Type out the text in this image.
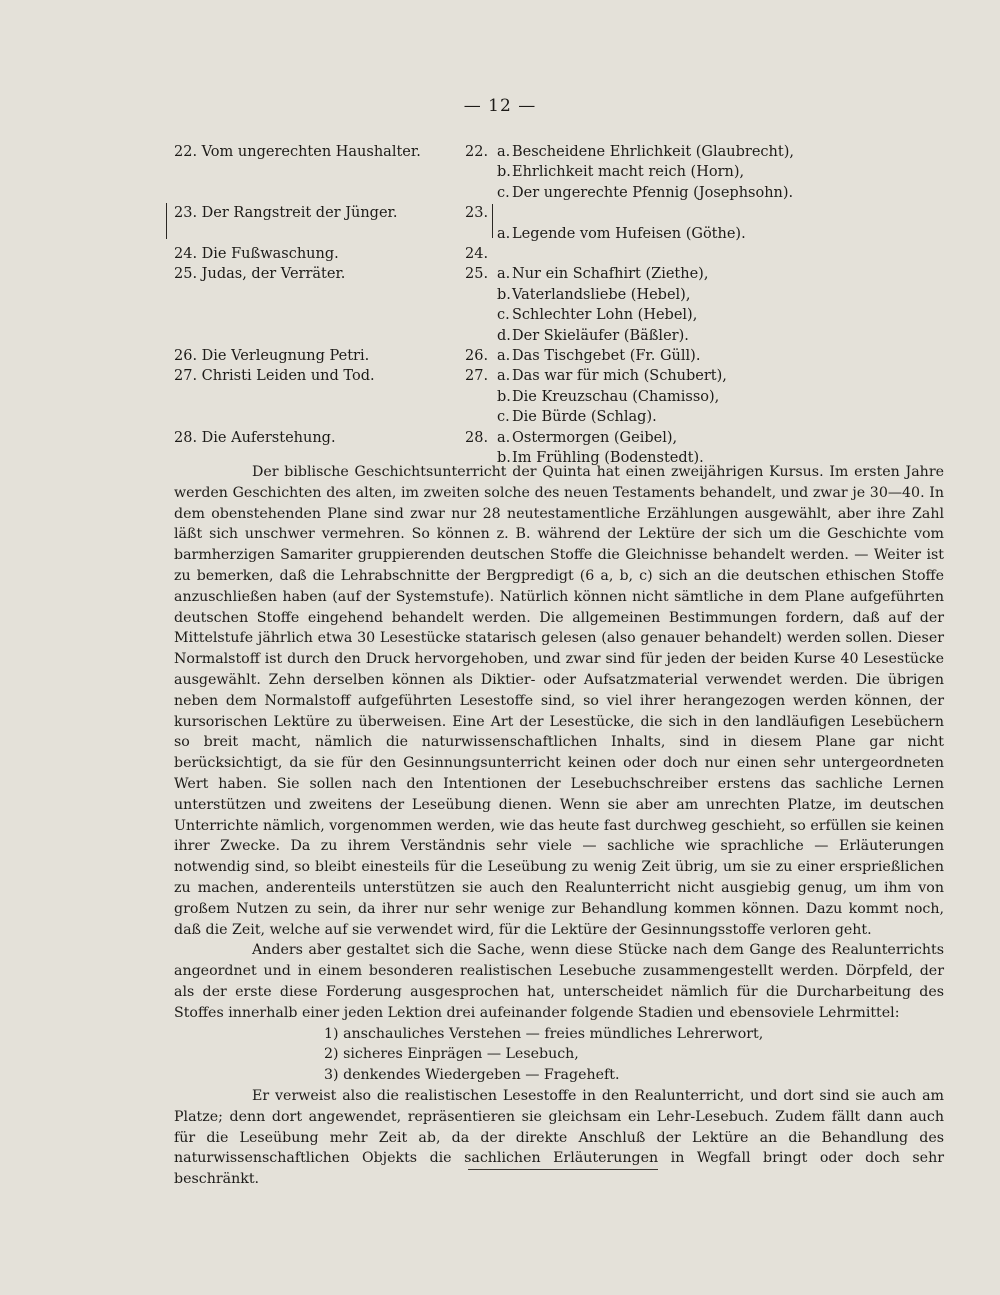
— 12 —
22. Vom ungerechten Haushalter.	22. a. Bescheidene Ehrlichkeit (Glaubrecht),
b. Ehrlichkeit macht reich (Horn),
c. Der ungerechte Pfennig (Josephsohn).
23. Der Rangstreit der Jünger.	23.
a. Legende vom Hufeisen (Göthe).
24. Die Fußwaschung.	24.
25. Judas, der Verräter.	25. a. Nur ein Schafhirt (Ziethe),
b. Vaterlandsliebe (Hebel),
c. Schlechter Lohn (Hebel),
d. Der Skieläufer (Bäßler).
26. Die Verleugnung Petri.	26. a. Das Tischgebet (Fr. Güll).
27. Christi Leiden und Tod.	27. a. Das war für mich (Schubert),
b. Die Kreuzschau (Chamisso),
c. Die Bürde (Schlag).
28. Die Auferstehung.	28. a. Ostermorgen (Geibel),
b. Im Frühling (Bodenstedt).

Der biblische Geschichtsunterricht der Quinta hat einen zweijährigen Kursus. Im ersten Jahre werden Geschichten des alten, im zweiten solche des neuen Testaments behandelt, und zwar je 30—40. In dem obenstehenden Plane sind zwar nur 28 neutestamentliche Erzählungen ausgewählt, aber ihre Zahl läßt sich unschwer vermehren. So können z. B. während der Lektüre der sich um die Geschichte vom barmherzigen Samariter gruppierenden deutschen Stoffe die Gleichnisse behandelt werden. — Weiter ist zu bemerken, daß die Lehrabschnitte der Bergpredigt (6 a, b, c) sich an die deutschen ethischen Stoffe anzuschließen haben (auf der Systemstufe). Natürlich können nicht sämtliche in dem Plane aufgeführten deutschen Stoffe eingehend behandelt werden. Die allgemeinen Bestimmungen fordern, daß auf der Mittelstufe jährlich etwa 30 Lesestücke statarisch gelesen (also genauer behandelt) werden sollen. Dieser Normalstoff ist durch den Druck hervorgehoben, und zwar sind für jeden der beiden Kurse 40 Lesestücke ausgewählt. Zehn derselben können als Diktier- oder Aufsatzmaterial verwendet werden. Die übrigen neben dem Normalstoff aufgeführten Lesestoffe sind, so viel ihrer herangezogen werden können, der kursorischen Lektüre zu überweisen. Eine Art der Lesestücke, die sich in den landläufigen Lesebüchern so breit macht, nämlich die naturwissenschaftlichen Inhalts, sind in diesem Plane gar nicht berücksichtigt, da sie für den Gesinnungsunterricht keinen oder doch nur einen sehr untergeordneten Wert haben. Sie sollen nach den Intentionen der Lesebuchschreiber erstens das sachliche Lernen unterstützen und zweitens der Leseübung dienen. Wenn sie aber am unrechten Platze, im deutschen Unterrichte nämlich, vorgenommen werden, wie das heute fast durchweg geschieht, so erfüllen sie keinen ihrer Zwecke. Da zu ihrem Verständnis sehr viele — sachliche wie sprachliche — Erläuterungen notwendig sind, so bleibt einesteils für die Leseübung zu wenig Zeit übrig, um sie zu einer ersprießlichen zu machen, anderenteils unterstützen sie auch den Realunterricht nicht ausgiebig genug, um ihm von großem Nutzen zu sein, da ihrer nur sehr wenige zur Behandlung kommen können. Dazu kommt noch, daß die Zeit, welche auf sie verwendet wird, für die Lektüre der Gesinnungsstoffe verloren geht.

Anders aber gestaltet sich die Sache, wenn diese Stücke nach dem Gange des Realunterrichts angeordnet und in einem besonderen realistischen Lesebuche zusammengestellt werden. Dörpfeld, der als der erste diese Forderung ausgesprochen hat, unterscheidet nämlich für die Durcharbeitung des Stoffes innerhalb einer jeden Lektion drei aufeinander folgende Stadien und ebensoviele Lehrmittel:

1) anschauliches Verstehen — freies mündliches Lehrerwort,
2) sicheres Einprägen — Lesebuch,
3) denkendes Wiedergeben — Frageheft.

Er verweist also die realistischen Lesestoffe in den Realunterricht, und dort sind sie auch am Platze; denn dort angewendet, repräsentieren sie gleichsam ein Lehr-Lesebuch. Zudem fällt dann auch für die Leseübung mehr Zeit ab, da der direkte Anschluß der Lektüre an die Behandlung des naturwissenschaftlichen Objekts die sachlichen Erläuterungen in Wegfall bringt oder doch sehr beschränkt.
